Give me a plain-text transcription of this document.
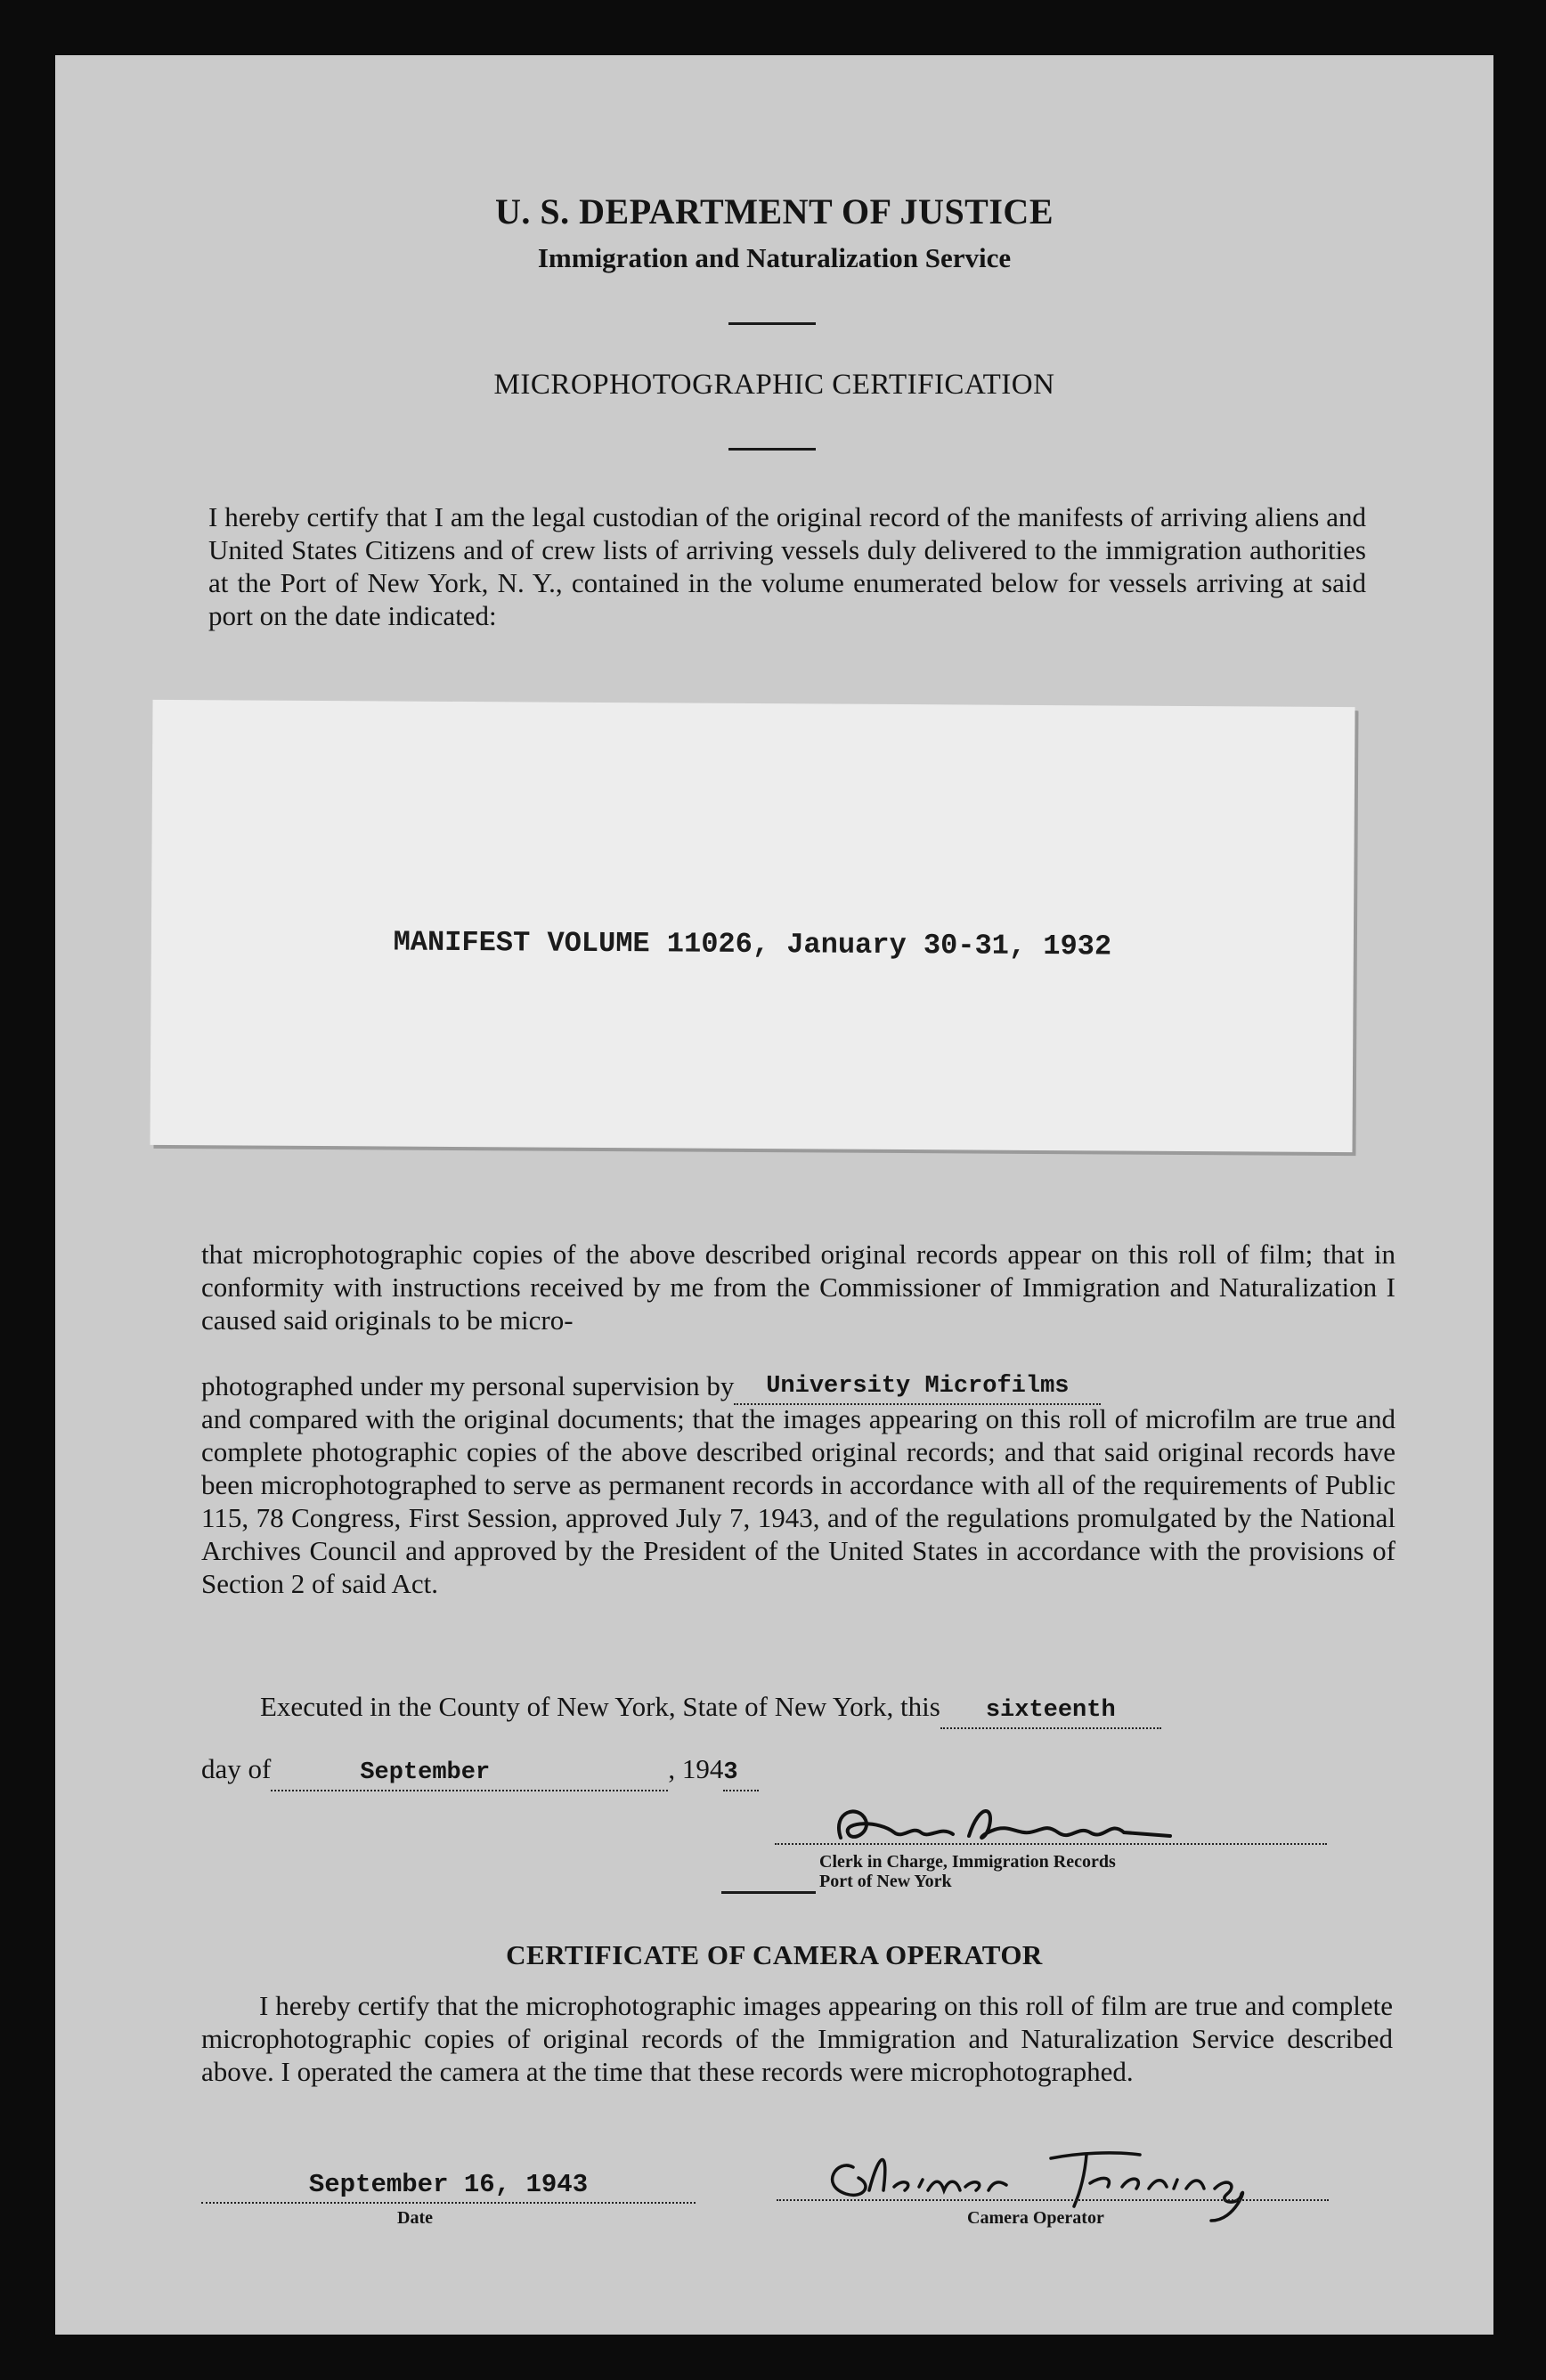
U. S. DEPARTMENT OF JUSTICE
Immigration and Naturalization Service
MICROPHOTOGRAPHIC CERTIFICATION
I hereby certify that I am the legal custodian of the original record of the manifests of arriving aliens and United States Citizens and of crew lists of arriving vessels duly delivered to the immigration authorities at the Port of New York, N. Y., contained in the volume enumerated below for vessels arriving at said port on the date indicated:
MANIFEST VOLUME 11026, January 30-31, 1932
that microphotographic copies of the above described original records appear on this roll of film; that in conformity with instructions received by me from the Commissioner of Immigration and Naturalization I caused said originals to be micro-
photographed under my personal supervision by University Microfilms
and compared with the original documents; that the images appearing on this roll of microfilm are true and complete photographic copies of the above described original records; and that said original records have been microphotographed to serve as permanent records in accordance with all of the requirements of Public 115, 78 Congress, First Session, approved July 7, 1943, and of the regulations promulgated by the National Archives Council and approved by the President of the United States in accordance with the provisions of Section 2 of said Act.
Executed in the County of New York, State of New York, this sixteenth
day of	September	, 1943
Clerk in Charge, Immigration Records
Port of New York
CERTIFICATE OF CAMERA OPERATOR
I hereby certify that the microphotographic images appearing on this roll of film are true and complete microphotographic copies of original records of the Immigration and Naturalization Service described above. I operated the camera at the time that these records were microphotographed.
September 16, 1943
Date	Camera Operator
